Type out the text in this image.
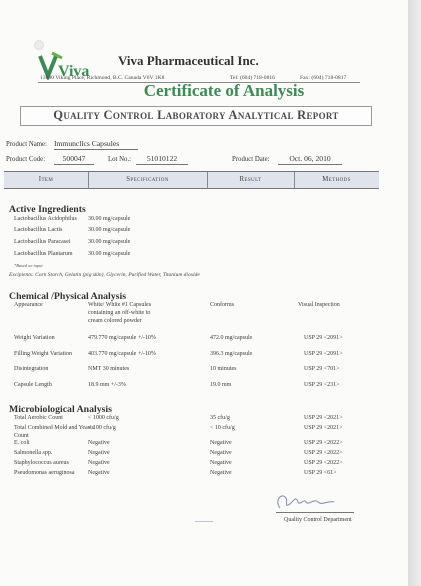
Viva
Viva Pharmaceutical Inc.
13880 Viking Place, Richmond, B.C. Canada V6V 1K8	Tel: (604) 718-0816	Fax: (604) 718-0817
Certificate of Analysis
Quality Control Laboratory Analytical Report
Product Name: Immuncllcs Capsules
Product Code:	500047	Lot No.:	51010122	Product Date:	Oct. 06, 2010
Item	Specification	Result	Methods
Active Ingredients
Lactobacillus Acidophilus 30.00 mg/capsule
Lactobacillus Lactis	30.00 mg/capsule
Lactobacillus Paracasei	30.00 mg/capsule
Lactobacillus Plantarum	30.00 mg/capsule
*Based on input
Excipients: Corn Starch, Gelatin (pig skin), Glycerin, Purified Water, Titanium dioxide
Chemical /Physical Analysis
Appearance	White/ White #1 Capsules
containing an off-white to
cream colored powder
Conforms	Visual Inspection
Weight Variation	479.770 mg/capsule +/-10%	472.0 mg/capsule	USP 29 <2091>
Filling Weight Variation	403.770 mg/capsule +/-10%	396.3 mg/capsule	USP 29 <2091>
Disintegration	NMT 30 minutes	10 minutes	USP 29 <701>
Capsule Length	18.9 mm +/-3%	19.0 mm	USP 29 <231>
Microbiological Analysis
Total Aerobic Count	< 1000 cfu/g	35 cfu/g	USP 29 <2021>
Total Combined Mold and Yeasts
Count
< 100 cfu/g	< 10 cfu/g	USP 29 <2021>
E. coli	Negative	Negative	USP 29 <2022>
Salmonella spp.	Negative	Negative	USP 29 <2022>
Staphylococcus aureus	Negative	Negative	USP 29 <2022>
Pseudomonas aeruginosa Negative	Negative	USP 29 <61>
Quality Control Department
